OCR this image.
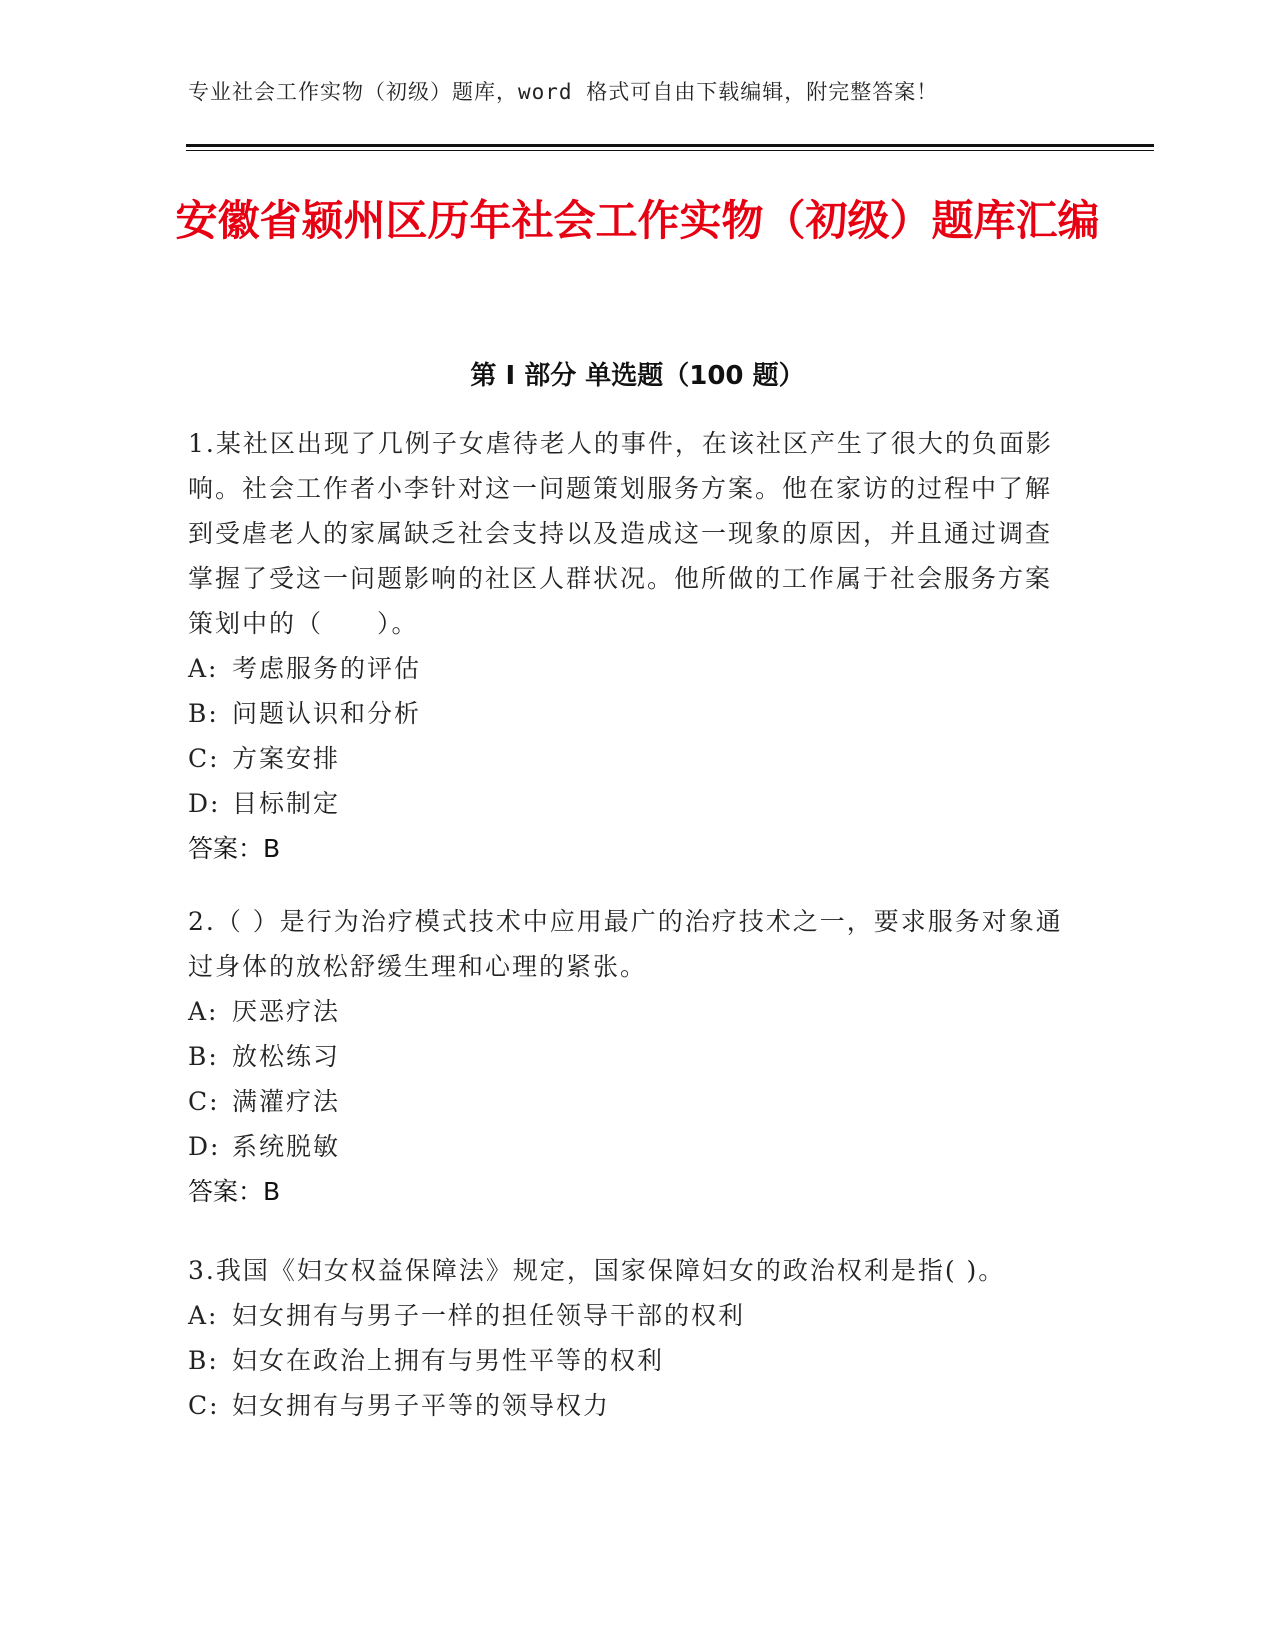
专业社会工作实物（初级）题库，word 格式可自由下载编辑，附完整答案！
安徽省颍州区历年社会工作实物（初级）题库汇编
第 I 部分 单选题（100 题）

1.某社区出现了几例子女虐待老人的事件，在该社区产生了很大的负面影响。社会工作者小李针对这一问题策划服务方案。他在家访的过程中了解到受虐老人的家属缺乏社会支持以及造成这一现象的原因，并且通过调查掌握了受这一问题影响的社区人群状况。他所做的工作属于社会服务方案策划中的（　　）。

A: 考虑服务的评估
B: 问题认识和分析
C: 方案安排
D: 目标制定
答案：B

2.（ ）是行为治疗模式技术中应用最广的治疗技术之一，要求服务对象通过身体的放松舒缓生理和心理的紧张。

A: 厌恶疗法
B: 放松练习
C: 满灌疗法
D: 系统脱敏
答案：B

3.我国《妇女权益保障法》规定，国家保障妇女的政治权利是指( )。

A: 妇女拥有与男子一样的担任领导干部的权利
B: 妇女在政治上拥有与男性平等的权利
C: 妇女拥有与男子平等的领导权力
